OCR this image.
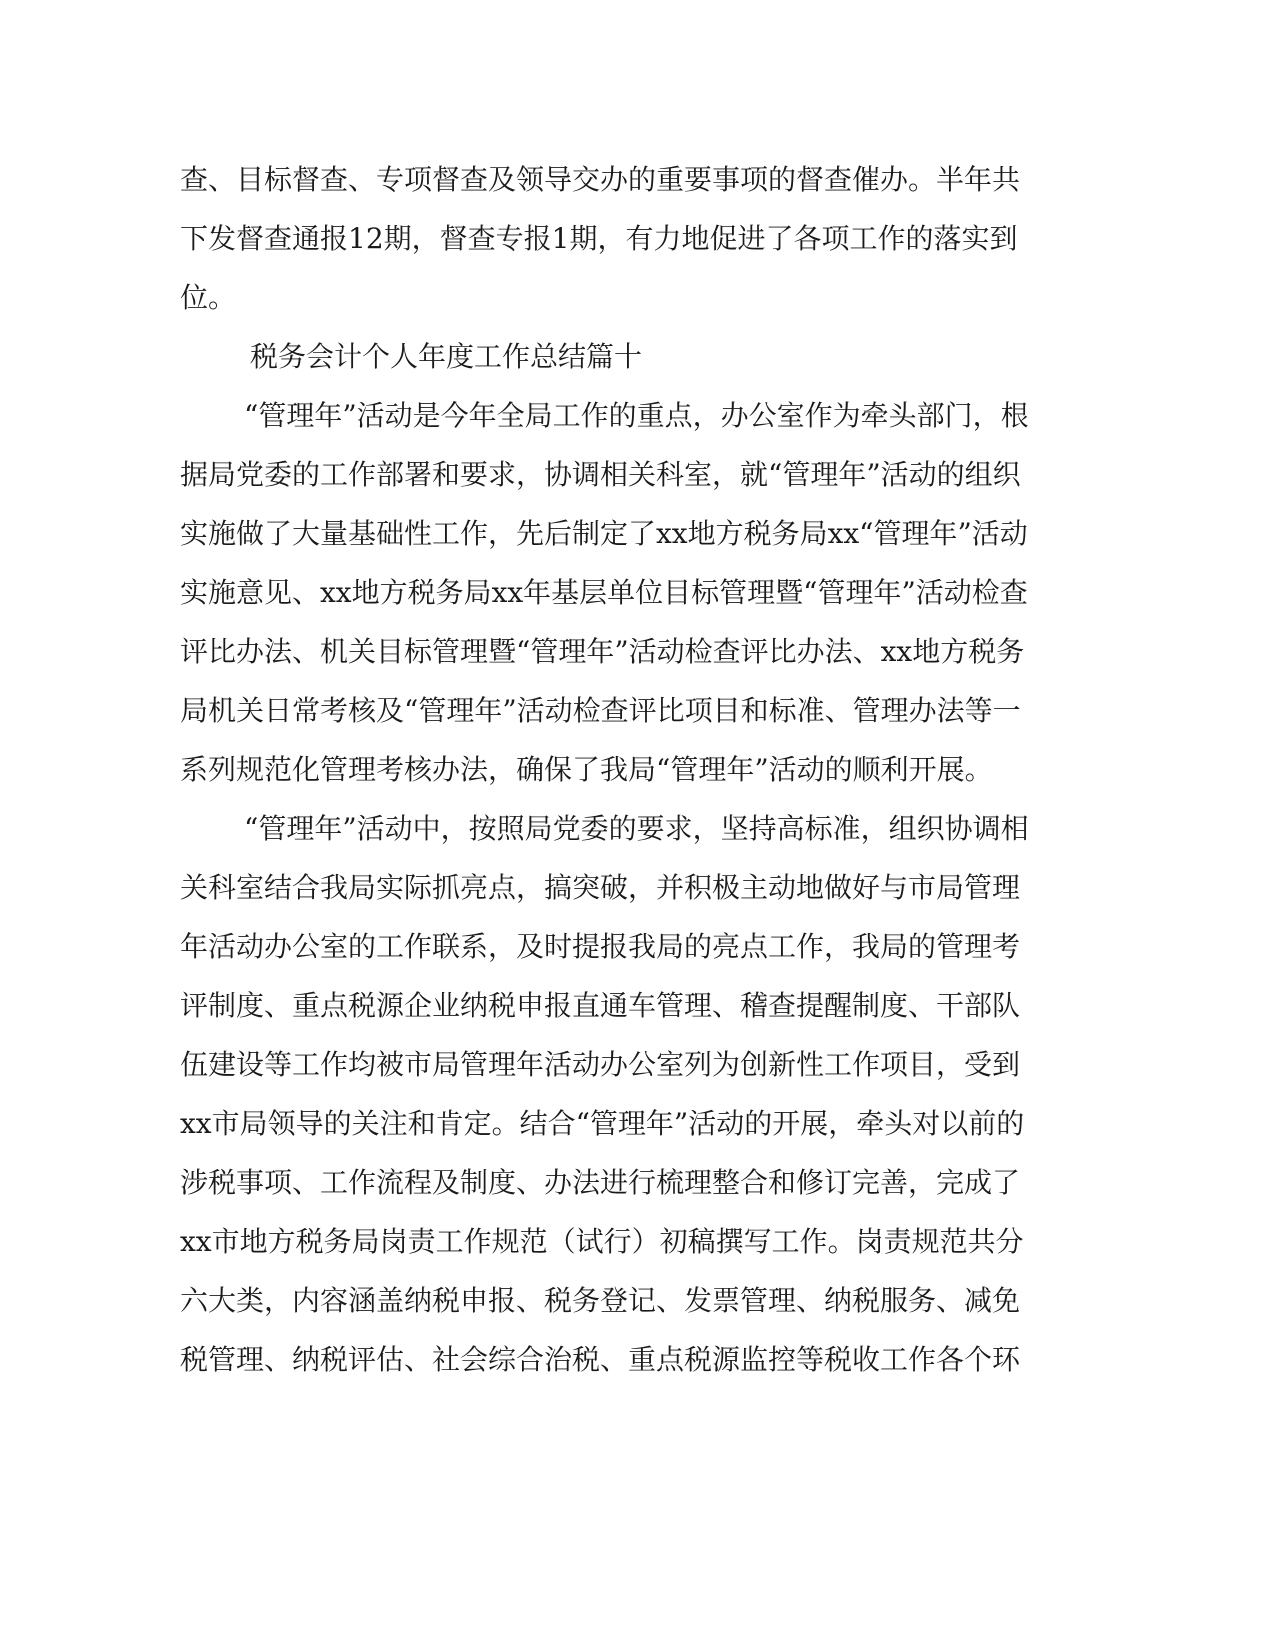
查、目标督查、专项督查及领导交办的重要事项的督查催办。半年共
下发督查通报12期，督查专报1期，有力地促进了各项工作的落实到
位。
税务会计个人年度工作总结篇十
“管理年”活动是今年全局工作的重点，办公室作为牵头部门，根
据局党委的工作部署和要求，协调相关科室，就“管理年”活动的组织
实施做了大量基础性工作，先后制定了xx地方税务局xx“管理年”活动
实施意见、xx地方税务局xx年基层单位目标管理暨“管理年”活动检查
评比办法、机关目标管理暨“管理年”活动检查评比办法、xx地方税务
局机关日常考核及“管理年”活动检查评比项目和标准、管理办法等一
系列规范化管理考核办法，确保了我局“管理年”活动的顺利开展。
“管理年”活动中，按照局党委的要求，坚持高标准，组织协调相
关科室结合我局实际抓亮点，搞突破，并积极主动地做好与市局管理
年活动办公室的工作联系，及时提报我局的亮点工作，我局的管理考
评制度、重点税源企业纳税申报直通车管理、稽查提醒制度、干部队
伍建设等工作均被市局管理年活动办公室列为创新性工作项目，受到
xx市局领导的关注和肯定。结合“管理年”活动的开展，牵头对以前的
涉税事项、工作流程及制度、办法进行梳理整合和修订完善，完成了
xx市地方税务局岗责工作规范（试行）初稿撰写工作。岗责规范共分
六大类，内容涵盖纳税申报、税务登记、发票管理、纳税服务、减免
税管理、纳税评估、社会综合治税、重点税源监控等税收工作各个环
